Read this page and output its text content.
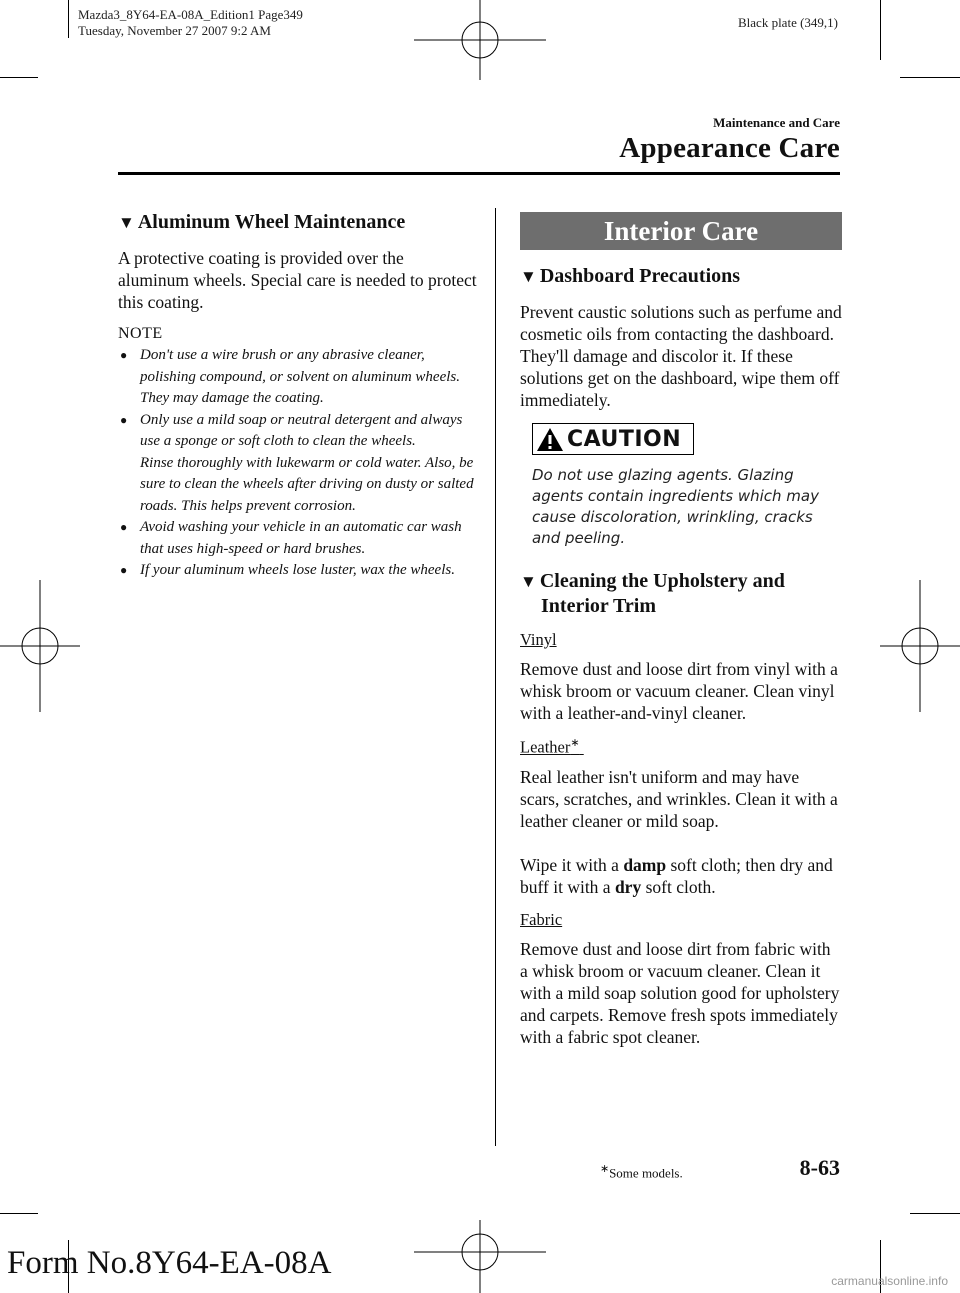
Mazda3_8Y64-EA-08A_Edition1 Page349
Tuesday, November 27 2007 9:2 AM
Black plate (349,1)
Maintenance and Care
Appearance Care
▼ Aluminum Wheel Maintenance

A protective coating is provided over the aluminum wheels. Special care is needed to protect this coating.

NOTE
● Don't use a wire brush or any abrasive cleaner, polishing compound, or solvent on aluminum wheels. They may damage the coating.
● Only use a mild soap or neutral detergent and always use a sponge or soft cloth to clean the wheels.
Rinse thoroughly with lukewarm or cold water. Also, be sure to clean the wheels after driving on dusty or salted roads. This helps prevent corrosion.
● Avoid washing your vehicle in an automatic car wash that uses high-speed or hard brushes.
● If your aluminum wheels lose luster, wax the wheels.
Interior Care
▼ Dashboard Precautions

Prevent caustic solutions such as perfume and cosmetic oils from contacting the dashboard. They'll damage and discolor it. If these solutions get on the dashboard, wipe them off immediately.

CAUTION
Do not use glazing agents. Glazing agents contain ingredients which may cause discoloration, wrinkling, cracks and peeling.
▼ Cleaning the Upholstery and
Interior Trim
Vinyl

Remove dust and loose dirt from vinyl with a whisk broom or vacuum cleaner. Clean vinyl with a leather-and-vinyl cleaner.

Leather∗

Real leather isn't uniform and may have scars, scratches, and wrinkles. Clean it with a leather cleaner or mild soap.

Wipe it with a damp soft cloth; then dry and buff it with a dry soft cloth.

Fabric

Remove dust and loose dirt from fabric with a whisk broom or vacuum cleaner. Clean it with a mild soap solution good for upholstery and carpets. Remove fresh spots immediately with a fabric spot cleaner.

∗Some models.	8-63
Form No.8Y64-EA-08A	carmanualsonline.info
